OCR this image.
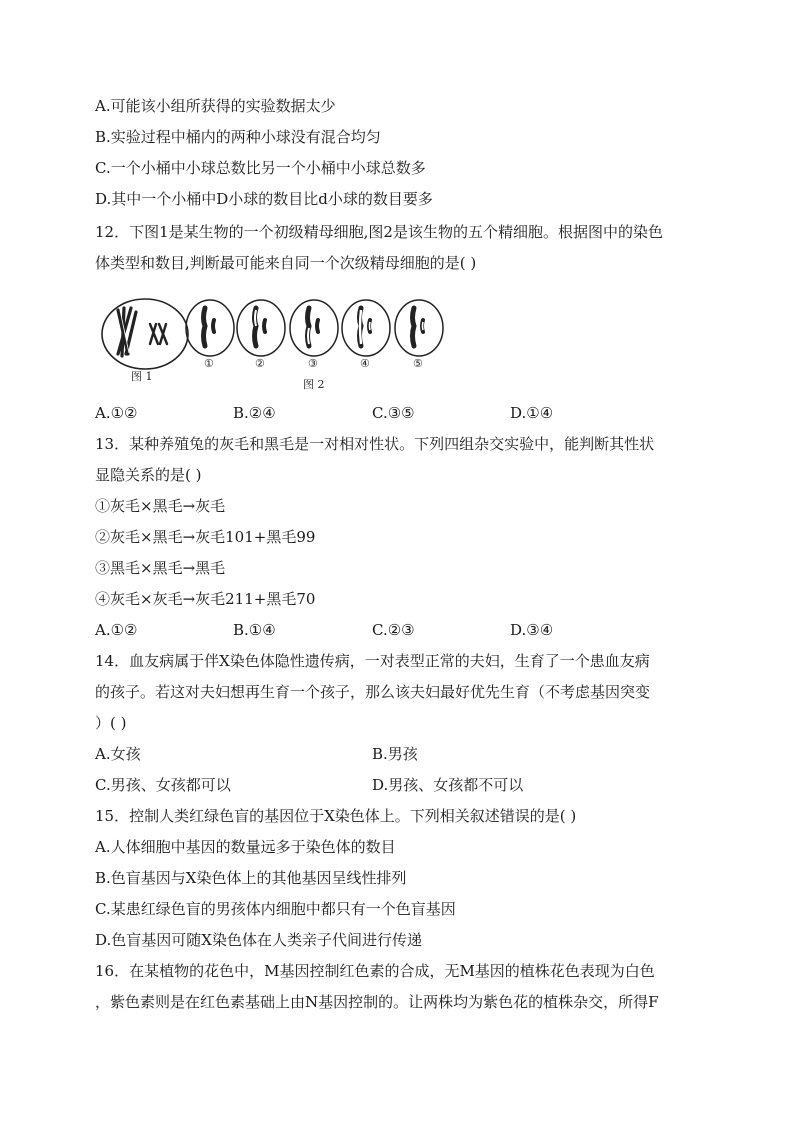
A.可能该小组所获得的实验数据太少
B.实验过程中桶内的两种小球没有混合均匀
C.一个小桶中小球总数比另一个小桶中小球总数多
D.其中一个小桶中D小球的数目比d小球的数目要多
12．下图1是某生物的一个初级精母细胞,图2是该生物的五个精细胞。根据图中的染色
体类型和数目,判断最可能来自同一个次级精母细胞的是( )
图 1
①	②	③	④	⑤
图 2
A.①②	B.②④	C.③⑤	D.①④
13．某种养殖兔的灰毛和黑毛是一对相对性状。下列四组杂交实验中，能判断其性状
显隐关系的是( )
①灰毛×黑毛→灰毛
②灰毛×黑毛→灰毛101+黑毛99
③黑毛×黑毛→黑毛
④灰毛×灰毛→灰毛211+黑毛70
A.①②	B.①④	C.②③	D.③④
14．血友病属于伴X染色体隐性遗传病，一对表型正常的夫妇，生育了一个患血友病
的孩子。若这对夫妇想再生育一个孩子，那么该夫妇最好优先生育（不考虑基因突变
）( )
A.女孩	B.男孩
C.男孩、女孩都可以	D.男孩、女孩都不可以
15．控制人类红绿色盲的基因位于X染色体上。下列相关叙述错误的是( )
A.人体细胞中基因的数量远多于染色体的数目
B.色盲基因与X染色体上的其他基因呈线性排列
C.某患红绿色盲的男孩体内细胞中都只有一个色盲基因
D.色盲基因可随X染色体在人类亲子代间进行传递
16．在某植物的花色中，M基因控制红色素的合成，无M基因的植株花色表现为白色
，紫色素则是在红色素基础上由N基因控制的。让两株均为紫色花的植株杂交，所得F
